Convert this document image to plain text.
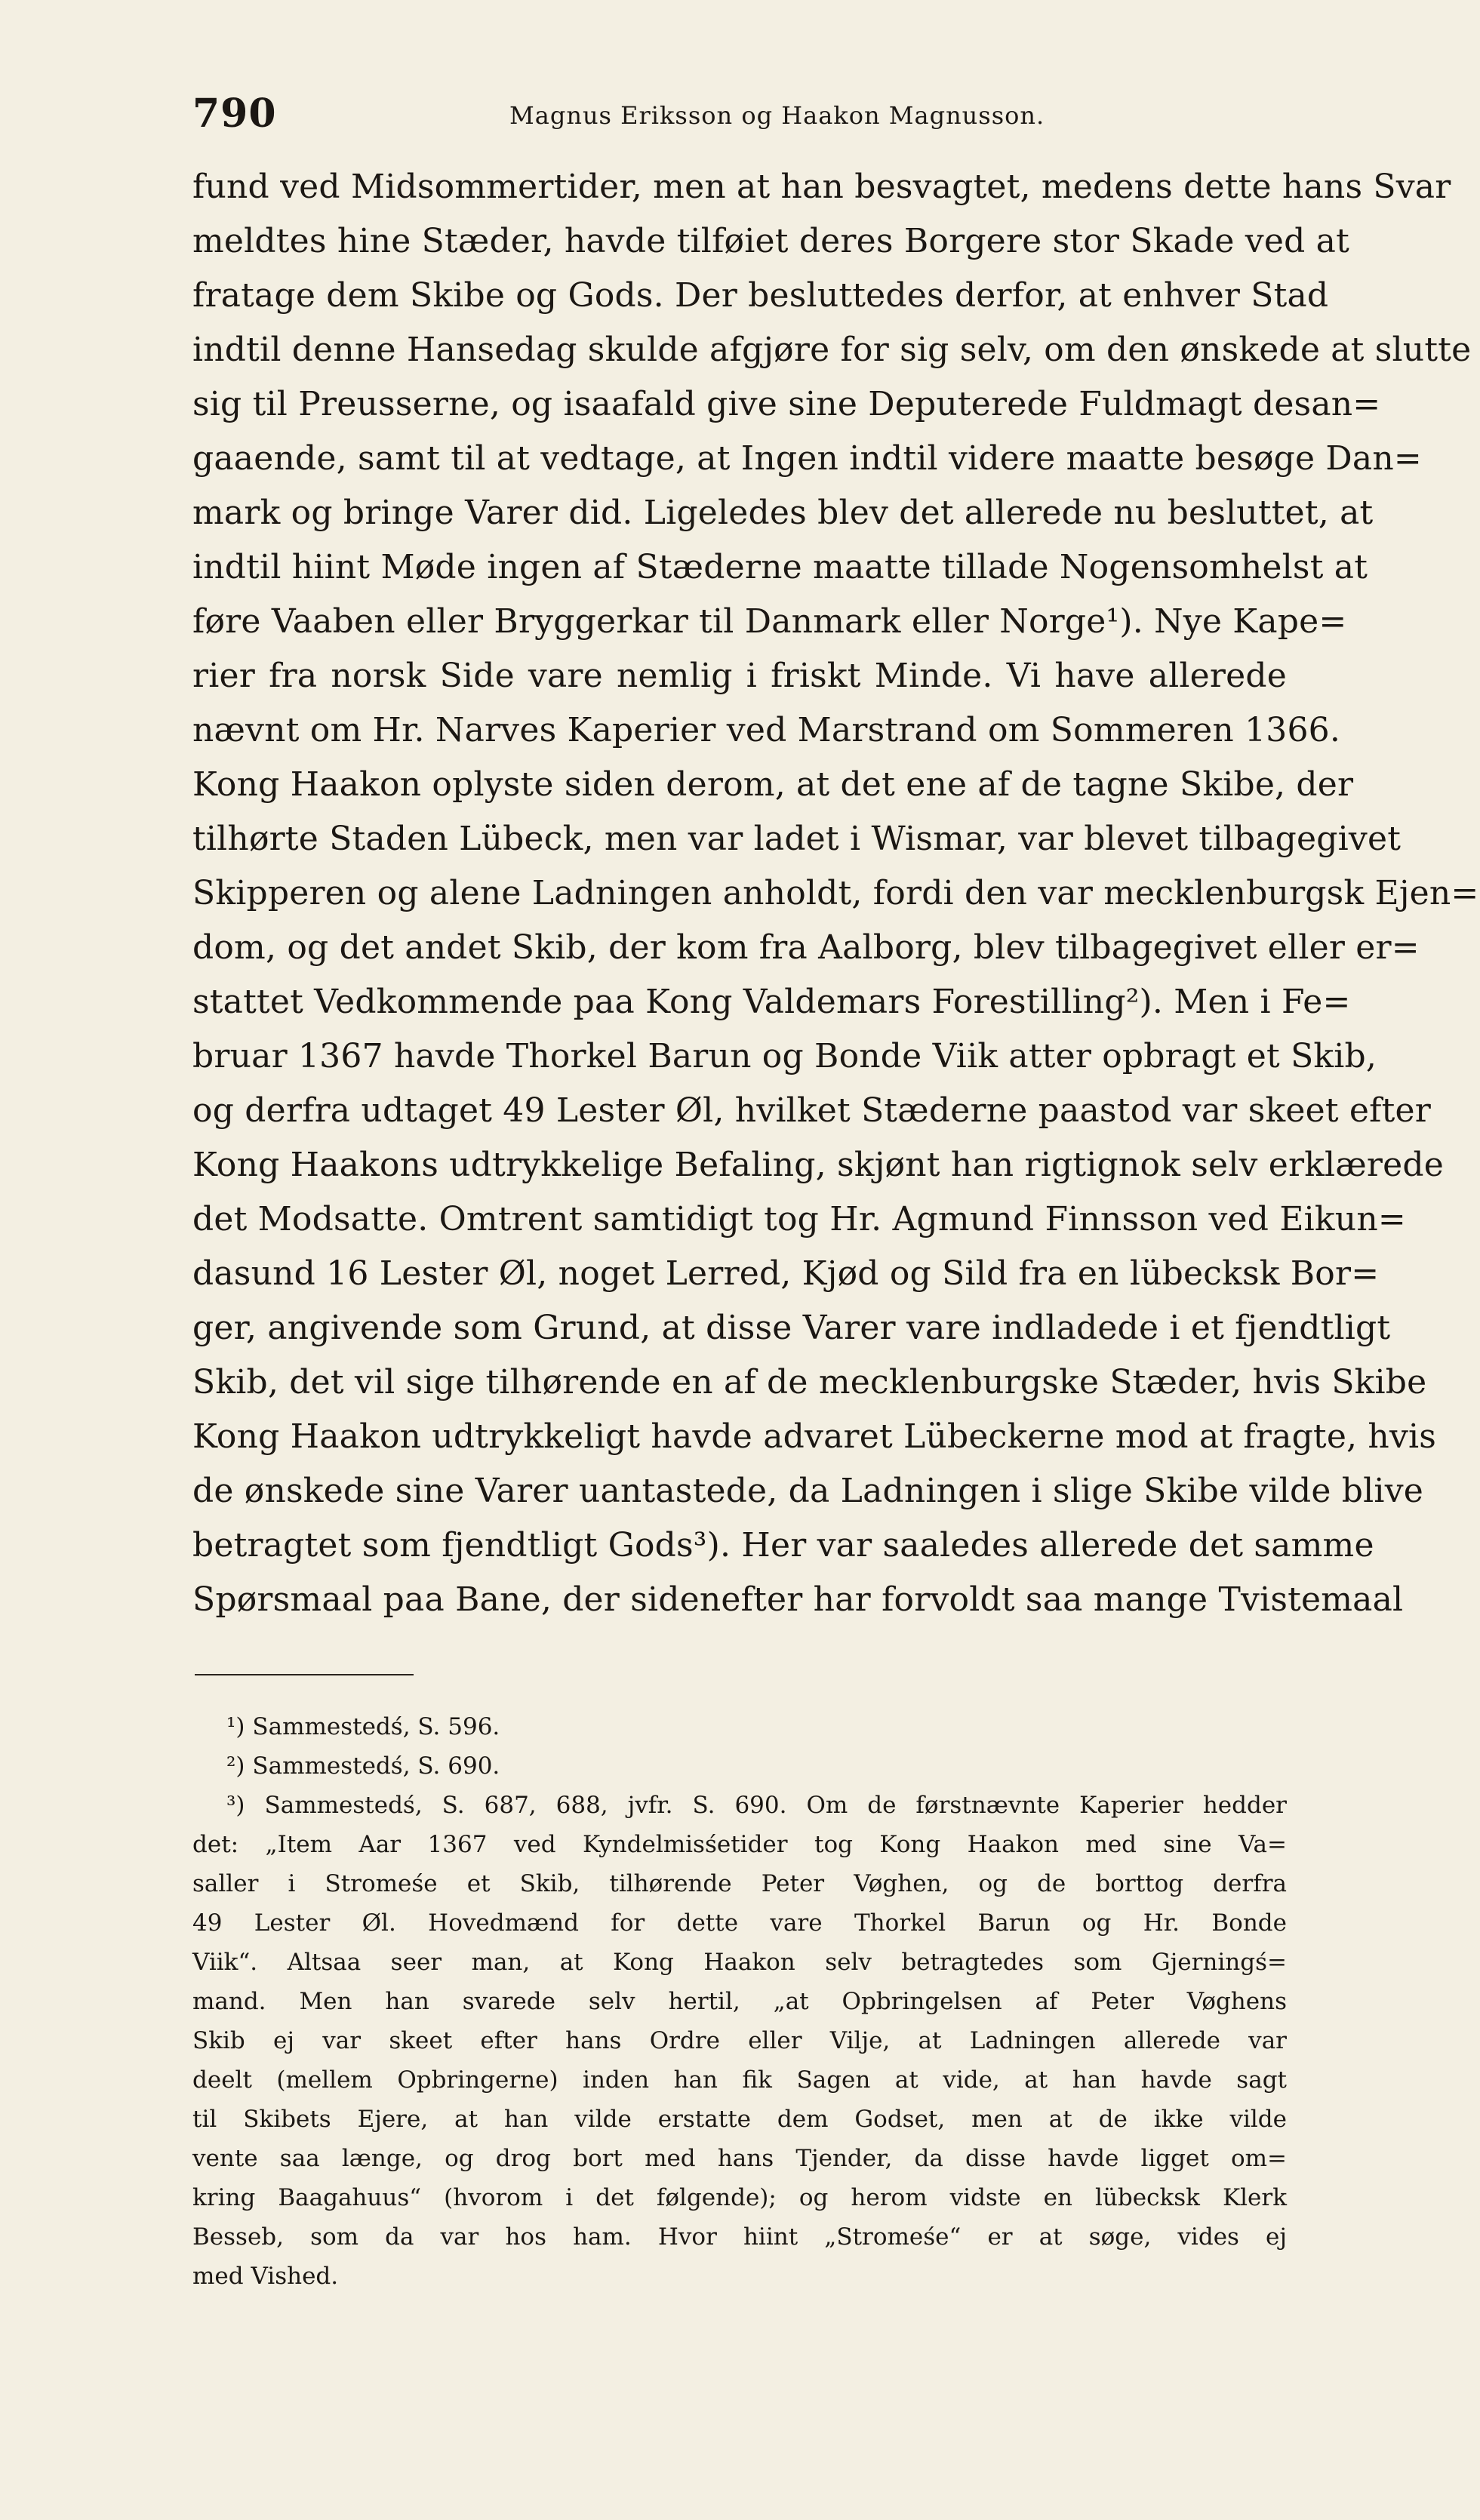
790	Magnus Eriksson og Haakon Magnusson.
fund ved Midsommertider, men at han besvagtet, medens dette hans Svar
meldtes hine Stæder, havde tilføiet deres Borgere stor Skade ved at
fratage dem Skibe og Gods. Der besluttedes derfor, at enhver Stad
indtil denne Hansedag skulde afgjøre for sig selv, om den ønskede at slutte
sig til Preusserne, og isaafald give sine Deputerede Fuldmagt desan=
gaaende, samt til at vedtage, at Ingen indtil videre maatte besøge Dan=
mark og bringe Varer did. Ligeledes blev det allerede nu besluttet, at
indtil hiint Møde ingen af Stæderne maatte tillade Nogensomhelst at
føre Vaaben eller Bryggerkar til Danmark eller Norge¹). Nye Kape=
rier fra norsk Side vare nemlig i friskt Minde. Vi have allerede
nævnt om Hr. Narves Kaperier ved Marstrand om Sommeren 1366.
Kong Haakon oplyste siden derom, at det ene af de tagne Skibe, der
tilhørte Staden Lübeck, men var ladet i Wismar, var blevet tilbagegivet
Skipperen og alene Ladningen anholdt, fordi den var mecklenburgsk Ejen=
dom, og det andet Skib, der kom fra Aalborg, blev tilbagegivet eller er=
stattet Vedkommende paa Kong Valdemars Forestilling²). Men i Fe=
bruar 1367 havde Thorkel Barun og Bonde Viik atter opbragt et Skib,
og derfra udtaget 49 Lester Øl, hvilket Stæderne paastod var skeet efter
Kong Haakons udtrykkelige Befaling, skjønt han rigtignok selv erklærede
det Modsatte. Omtrent samtidigt tog Hr. Agmund Finnsson ved Eikun=
dasund 16 Lester Øl, noget Lerred, Kjød og Sild fra en lübecksk Bor=
ger, angivende som Grund, at disse Varer vare indladede i et fjendtligt
Skib, det vil sige tilhørende en af de mecklenburgske Stæder, hvis Skibe
Kong Haakon udtrykkeligt havde advaret Lübeckerne mod at fragte, hvis
de ønskede sine Varer uantastede, da Ladningen i slige Skibe vilde blive
betragtet som fjendtligt Gods³). Her var saaledes allerede det samme
Spørsmaal paa Bane, der sidenefter har forvoldt saa mange Tvistemaal
¹) Sammestedś, S. 596.
²) Sammestedś, S. 690.
³) Sammestedś, S. 687, 688, jvfr. S. 690. Om de førstnævnte Kaperier hedder
det: „Item Aar 1367 ved Kyndelmisśetider tog Kong Haakon med sine Va=
saller i Stromeśe et Skib, tilhørende Peter Vøghen, og de borttog derfra
49 Lester Øl. Hovedmænd for dette vare Thorkel Barun og Hr. Bonde
Viik“. Altsaa seer man, at Kong Haakon selv betragtedes som Gjerningś=
mand. Men han svarede selv hertil, „at Opbringelsen af Peter Vøghens
Skib ej var skeet efter hans Ordre eller Vilje, at Ladningen allerede var
deelt (mellem Opbringerne) inden han fik Sagen at vide, at han havde sagt
til Skibets Ejere, at han vilde erstatte dem Godset, men at de ikke vilde
vente saa længe, og drog bort med hans Tjender, da disse havde ligget om=
kring Baagahuus“ (hvorom i det følgende); og herom vidste en lübecksk Klerk
Besseb, som da var hos ham. Hvor hiint „Stromeśe“ er at søge, vides ej
med Vished.
